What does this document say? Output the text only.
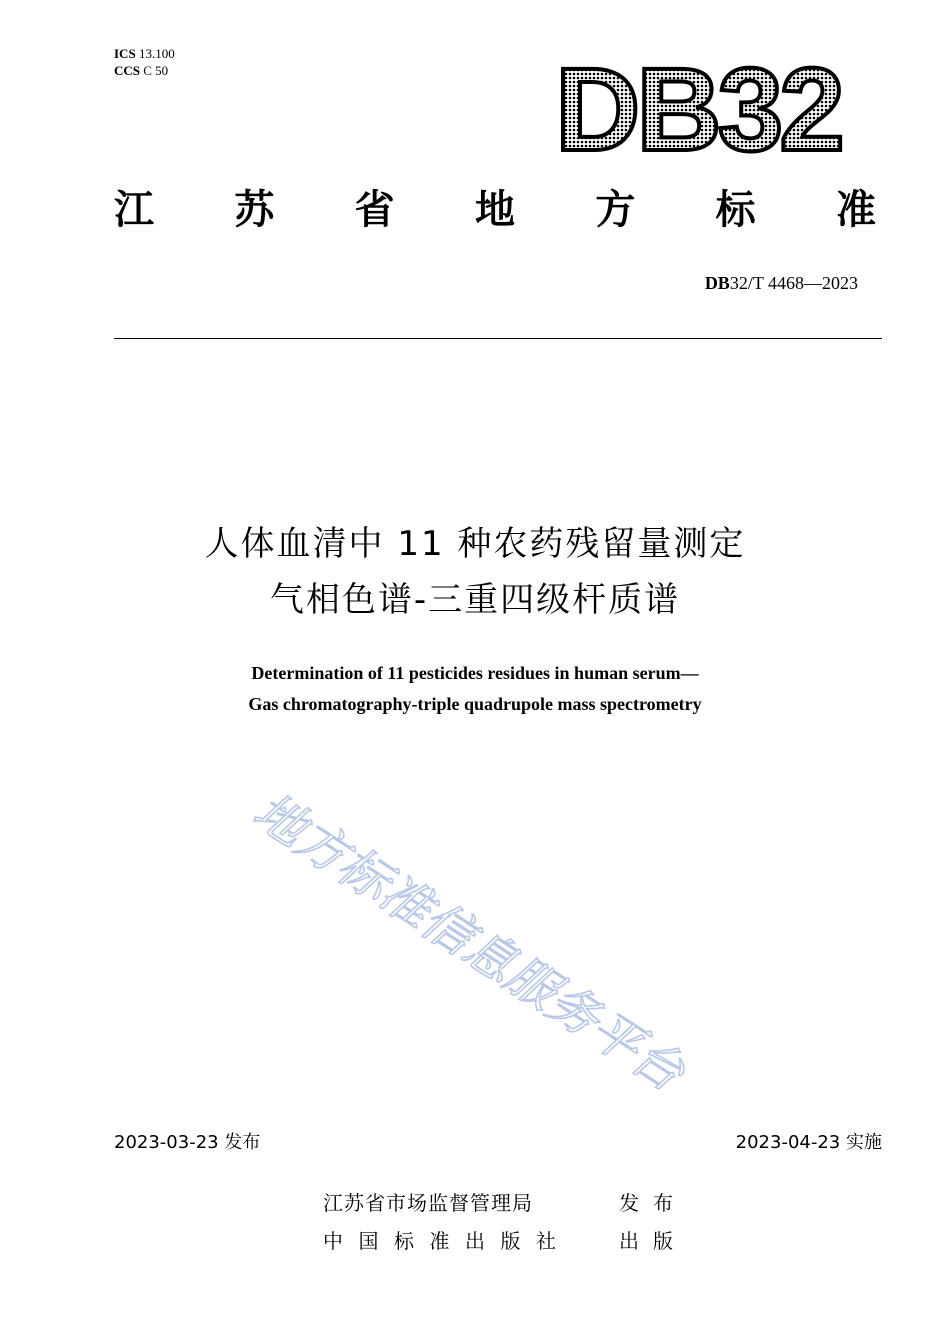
ICS 13.100
CCS C 50	DB32
江 苏 省 地 方 标 准
DB32/T 4468—2023
人体血清中 11 种农药残留量测定
气相色谱-三重四级杆质谱
Determination of 11 pesticides residues in human serum—
Gas chromatography-triple quadrupole mass spectrometry
地方标准信息服务平台
2023-03-23 发布	2023-04-23 实施
江苏省市场监督管理局	发布
中国标准出版社 出版
